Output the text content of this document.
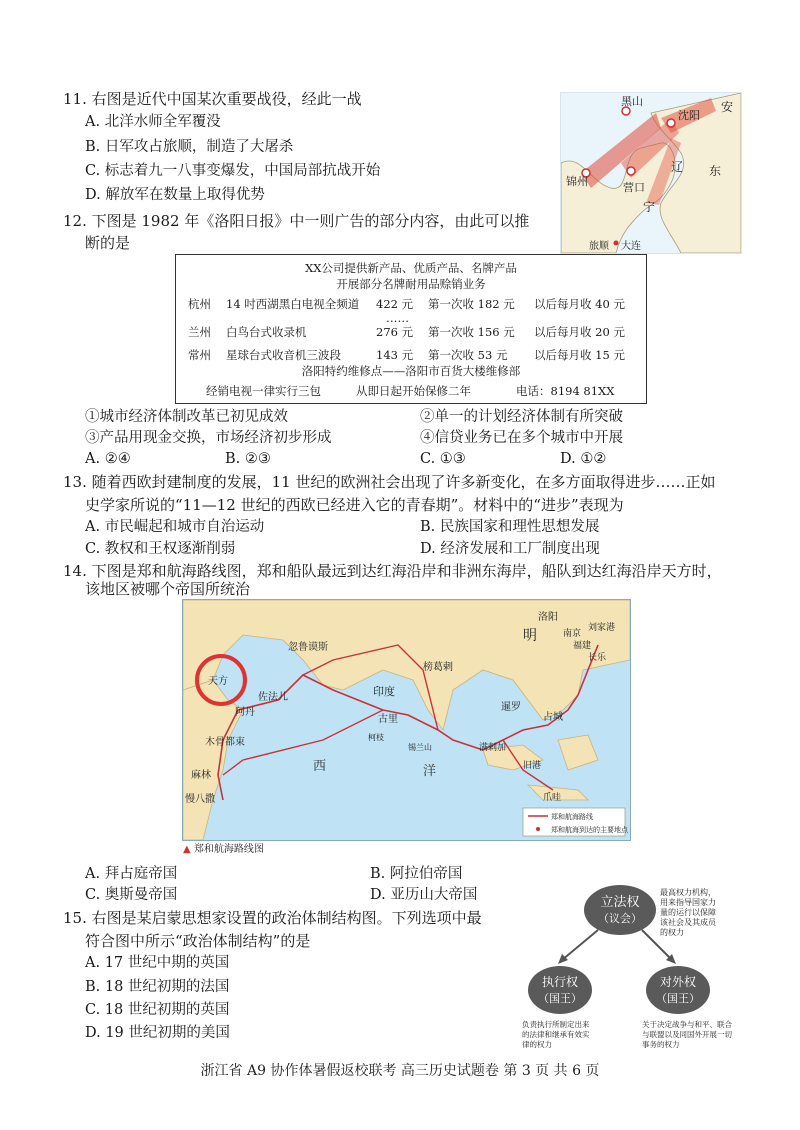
11. 右图是近代中国某次重要战役，经此一战
A. 北洋水师全军覆没
B. 日军攻占旅顺，制造了大屠杀
C. 标志着九一八事变爆发，中国局部抗战开始
D. 解放军在数量上取得优势
黑山
沈阳
安
锦州	营口
辽 东
宁
旅顺 大连
12. 下图是 1982 年《洛阳日报》中一则广告的部分内容，由此可以推
断的是
XX公司提供新产品、优质产品、名牌产品
开展部分名牌耐用品赊销业务
杭州 14 吋西湖黑白电视全频道 422 元 第一次收 182 元 以后每月收 40 元
……
兰州 白鸟台式收录机	276 元 第一次收 156 元 以后每月收 20 元
常州 星球台式收音机三波段	143 元 第一次收 53 元 以后每月收 15 元
洛阳特约维修点——洛阳市百货大楼维修部
经销电视一律实行三包	从即日起开始保修二年	电话：8194 81XX
①城市经济体制改革已初见成效	②单一的计划经济体制有所突破
③产品用现金交换，市场经济初步形成	④信贷业务已在多个城市中开展
A. ②④	B. ②③	C. ①③	D. ①②
13. 随着西欧封建制度的发展，11 世纪的欧洲社会出现了许多新变化，在多方面取得进步……正如
史学家所说的“11—12 世纪的西欧已经进入它的青春期”。材料中的“进步”表现为
A. 市民崛起和城市自治运动	B. 民族国家和理性思想发展
C. 教权和王权逐渐削弱	D. 经济发展和工厂制度出现
14. 下图是郑和航海路线图，郑和船队最远到达红海沿岸和非洲东海岸，船队到达红海沿岸天方时，
该地区被哪个帝国所统治
明
忽鲁谟斯
天方
佐法儿
阿丹
印度
榜葛剌
古里
柯枝
锡兰山
木骨都束
麻林
慢八撒
西	洋
暹罗
占城
满剌加
旧港
爪哇
洛阳
南京
刘家港
长乐
福建
郑和航海路线
郑和航海到达的主要地点
▲ 郑和航海路线图
A. 拜占庭帝国	B. 阿拉伯帝国
C. 奥斯曼帝国	D. 亚历山大帝国
15. 右图是某启蒙思想家设置的政治体制结构图。下列选项中最
符合图中所示“政治体制结构”的是
A. 17 世纪中期的英国
B. 18 世纪初期的法国
C. 18 世纪初期的英国
D. 19 世纪初期的美国
立法权
（议会）
最高权力机构，
用来指导国家力
量的运行以保障
该社会及其成员
的权力
执行权
（国王）
对外权
（国王）
负责执行所制定出来
的法律和继承有效实
律的权力
关于决定战争与和平、联合
与联盟以及同国外开展一切
事务的权力
浙江省 A9 协作体暑假返校联考 高三历史试题卷 第 3 页 共 6 页
